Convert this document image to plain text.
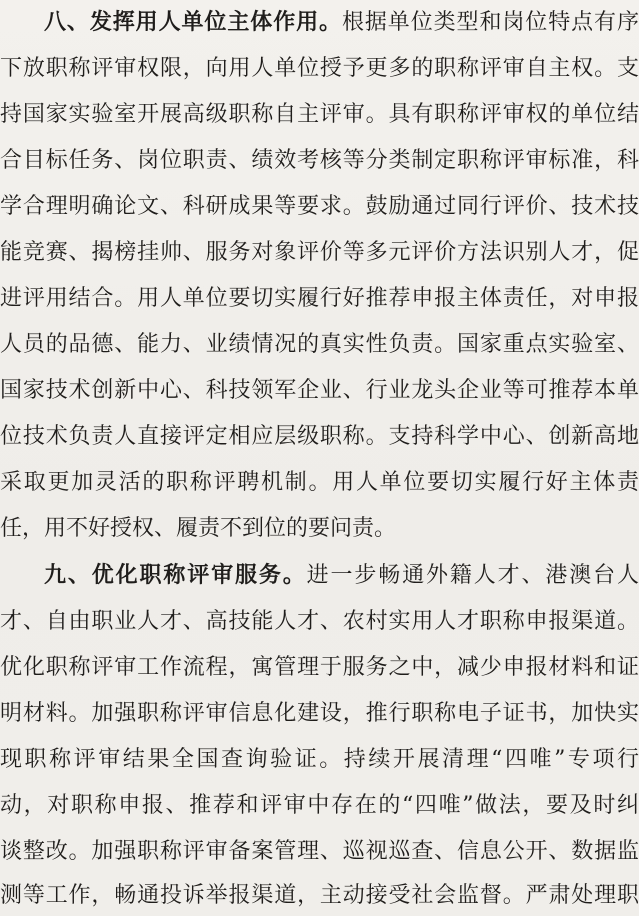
八、发挥用人单位主体作用。根据单位类型和岗位特点有序
下放职称评审权限，向用人单位授予更多的职称评审自主权。支
持国家实验室开展高级职称自主评审。具有职称评审权的单位结
合目标任务、岗位职责、绩效考核等分类制定职称评审标准，科
学合理明确论文、科研成果等要求。鼓励通过同行评价、技术技
能竞赛、揭榜挂帅、服务对象评价等多元评价方法识别人才，促
进评用结合。用人单位要切实履行好推荐申报主体责任，对申报
人员的品德、能力、业绩情况的真实性负责。国家重点实验室、
国家技术创新中心、科技领军企业、行业龙头企业等可推荐本单
位技术负责人直接评定相应层级职称。支持科学中心、创新高地
采取更加灵活的职称评聘机制。用人单位要切实履行好主体责
任，用不好授权、履责不到位的要问责。
九、优化职称评审服务。进一步畅通外籍人才、港澳台人
才、自由职业人才、高技能人才、农村实用人才职称申报渠道。
优化职称评审工作流程，寓管理于服务之中，减少申报材料和证
明材料。加强职称评审信息化建设，推行职称电子证书，加快实
现职称评审结果全国查询验证。持续开展清理“四唯”专项行
动，对职称申报、推荐和评审中存在的“四唯”做法，要及时纠
谈整改。加强职称评审备案管理、巡视巡查、信息公开、数据监
测等工作，畅通投诉举报渠道，主动接受社会监督。严肃处理职
